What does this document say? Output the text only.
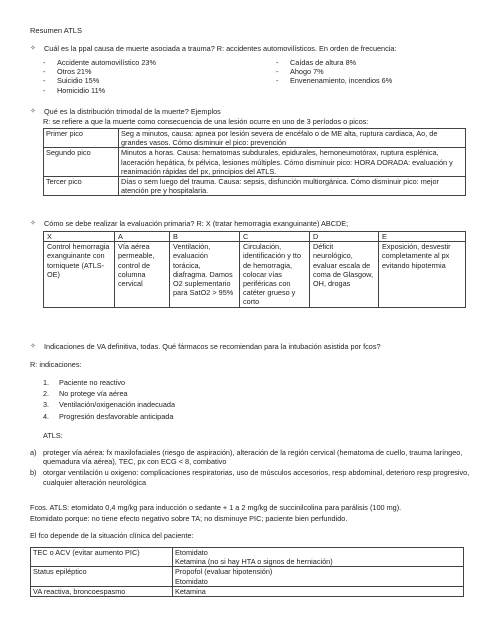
Resumen ATLS
✧	Cuál es la ppal causa de muerte asociada a trauma? R: accidentes automovilísticos. En orden de frecuencia:
-	Accidente automovilístico 23%
-	Otros 21%
-	Suicidio 15%
-	Homicidio 11%
-	Caídas de altura 8%
-	Ahogo 7%
-	Envenenamiento, incendios 6%
✧	Qué es la distribución trimodal de la muerte? Ejemplos
R: se refiere a que la muerte como consecuencia de una lesión ocurre en uno de 3 períodos o picos:
Primer pico	Seg a minutos, causa: apnea por lesión severa de encéfalo o de ME alta, ruptura cardiaca, Ao, de grandes vasos. Cómo disminuir el pico: prevención
Segundo pico	Minutos a horas. Causa: hematomas subdurales, epidurales, hemoneumotórax, ruptura esplénica, laceración hepática, fx pélvica, lesiones múltiples. Cómo disminuir pico: HORA DORADA: evaluación y reanimación rápidas del px, principios del ATLS.
Tercer pico	Días o sem luego del trauma. Causa: sepsis, disfunción multiorgánica. Cómo disminuir pico: mejor atención pre y hospitalaria.
✧	Cómo se debe realizar la evaluación primaria? R: X (tratar hemorragia exanguinante) ABCDE;
X	A	B	C	D	E
Control hemorragia exanguinante con torniquete (ATLS-OE)	Vía aérea permeable, control de columna cervical	Ventilación, evaluación torácica, diafragma. Damos O2 suplementario para SatO2 > 95%	Circulación, identificación y tto de hemorragia, colocar vías periféricas con catéter grueso y corto	Déficit neurológico, evaluar escala de coma de Glasgow, OH, drogas	Exposición, desvestir completamente al px evitando hipotermia
✧	Indicaciones de VA definitiva, todas. Qué fármacos se recomiendan para la intubación asistida por fcos?
R: indicaciones:
1.	Paciente no reactivo
2.	No protege vía aérea
3.	Ventilación/oxigenación inadecuada
4.	Progresión desfavorable anticipada
ATLS:
a) proteger vía aérea: fx maxilofaciales (riesgo de aspiración), alteración de la región cervical (hematoma de cuello, trauma laríngeo, quemadura vía aérea), TEC, px con ECG < 8, combativo
b) otorgar ventilación u oxigeno: complicaciones respiratorias, uso de músculos accesorios, resp abdominal, deterioro resp progresivo, cualquier alteración neurológica
Fcos. ATLS: etomidato 0,4 mg/kg para inducción o sedante + 1 a 2 mg/kg de succinilcolina para parálisis (100 mg).
Etomidato porque: no tiene efecto negativo sobre TA; no disminuye PIC; paciente bien perfundido.
El fco depende de la situación clínica del paciente:
TEC o ACV (evitar aumento PIC)	Etomidato
Ketamina (no si hay HTA o signos de herniación)

Status epiléptico	Propofol (evaluar hipotensión)
Etomidato

VA reactiva, broncoespasmo	Ketamina
